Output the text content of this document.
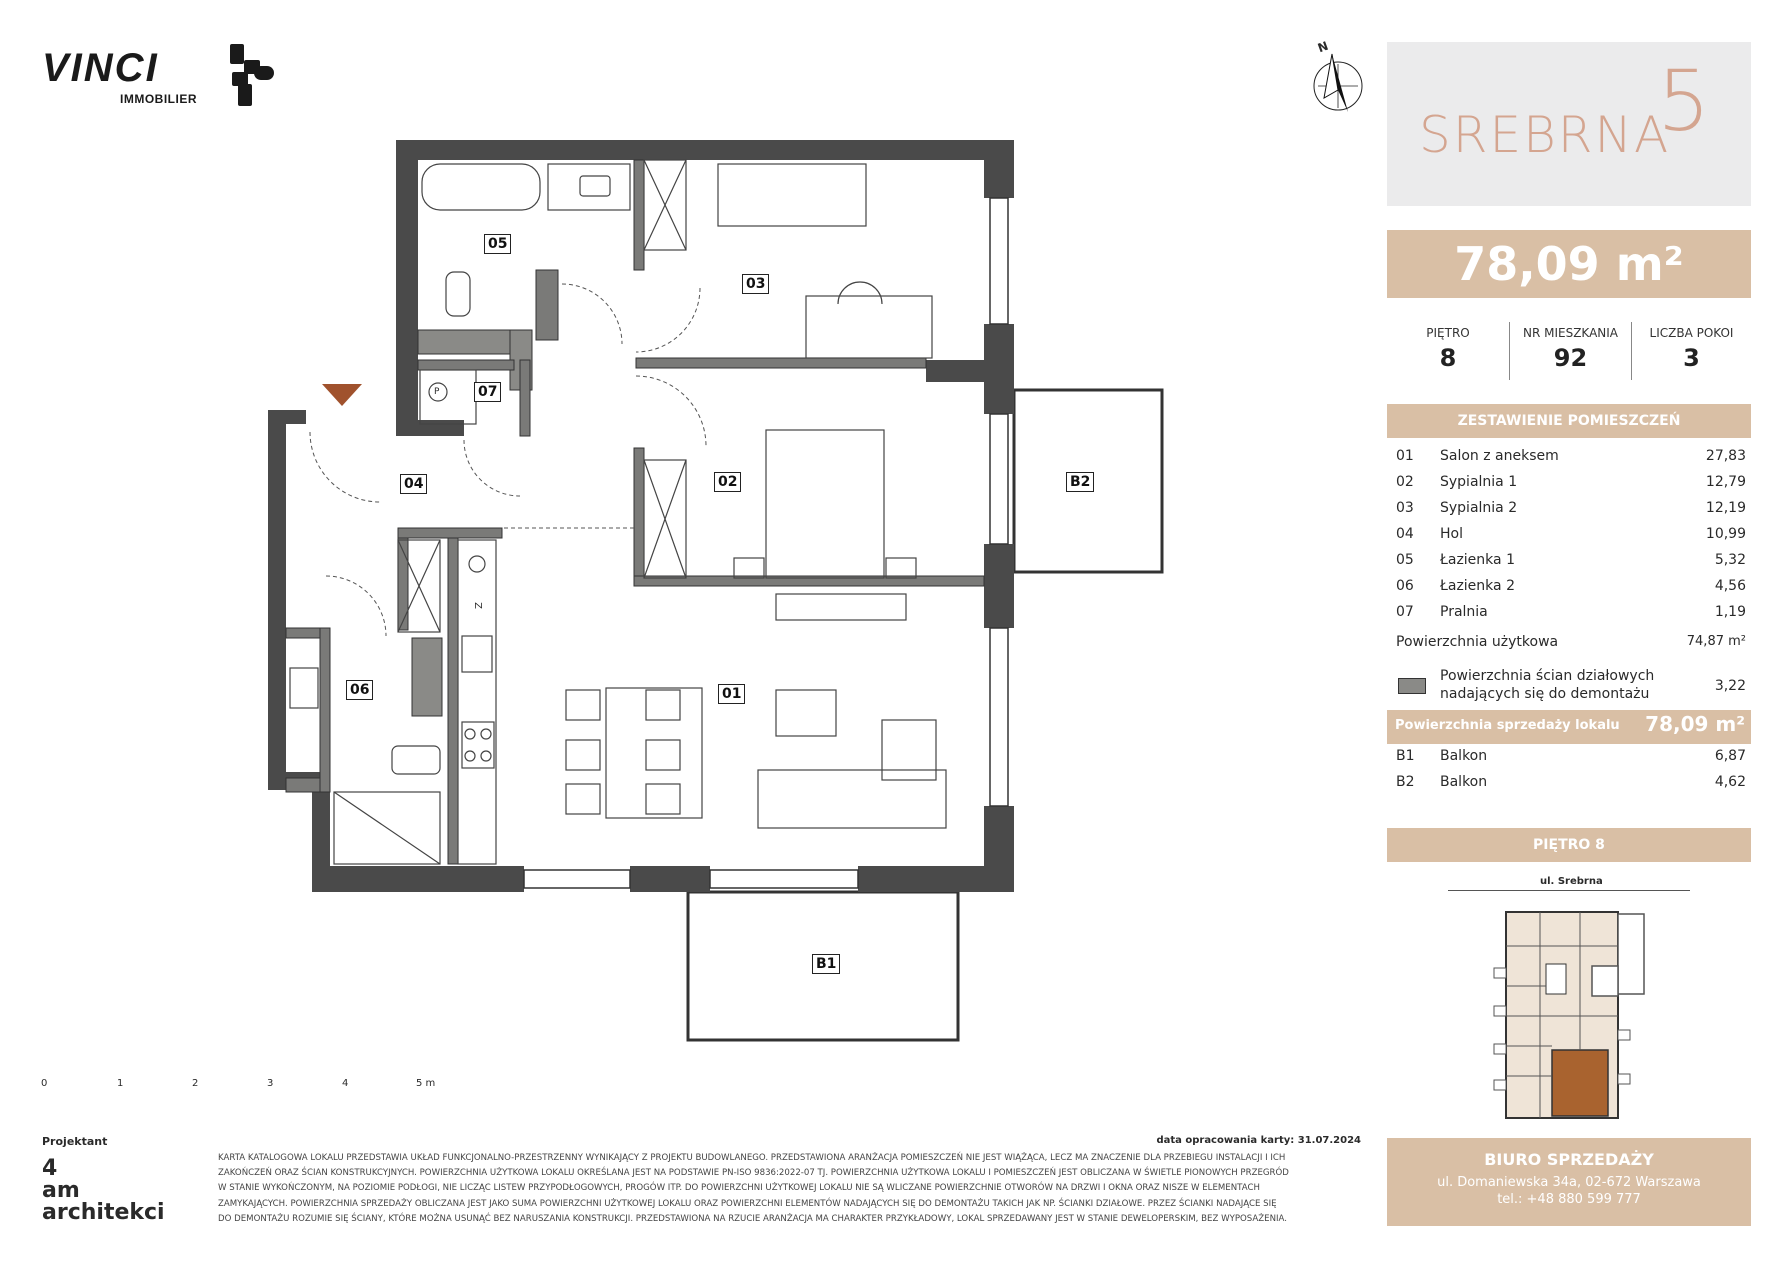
VINCI
IMMOBILIER
N
SREBRNA
5
78,09 m²
PIĘTRO
8
NR MIESZKANIA
92
LICZBA POKOI
3
ZESTAWIENIE POMIESZCZEŃ
01 Salon z aneksem	27,83
02 Sypialnia 1	12,79
03 Sypialnia 2	12,19
04 Hol	10,99
05 Łazienka 1	5,32
06 Łazienka 2	4,56
07 Pralnia	1,19
Powierzchnia użytkowa	74,87 m²
Powierzchnia ścian działowych
nadających się do demontażu	3,22
Powierzchnia sprzedaży lokalu 78,09 m²
B1 Balkon	6,87
B2 Balkon	4,62
PIĘTRO 8
ul. Srebrna
BIURO SPRZEDAŻY
ul. Domaniewska 34a, 02-672 Warszawa
tel.: +48 880 599 777
01
02
03
04
05
06
07
B1
B2
Z
P
0	1	2	3	4	5 m
Projektant
4
am
architekci
data opracowania karty: 31.07.2024
KARTA KATALOGOWA LOKALU PRZEDSTAWIA UKŁAD FUNKCJONALNO-PRZESTRZENNY WYNIKAJĄCY Z PROJEKTU BUDOWLANEGO. PRZEDSTAWIONA ARANŻACJA POMIESZCZEŃ NIE JEST WIĄŻĄCA, LECZ MA ZNACZENIE DLA PRZEBIEGU INSTALACJI I ICH
ZAKOŃCZEŃ ORAZ ŚCIAN KONSTRUKCYJNYCH. POWIERZCHNIA UŻYTKOWA LOKALU OKREŚLANA JEST NA PODSTAWIE PN-ISO 9836:2022-07 TJ. POWIERZCHNIA UŻYTKOWA LOKALU I POMIESZCZEŃ JEST OBLICZANA W ŚWIETLE PIONOWYCH PRZEGRÓD
W STANIE WYKOŃCZONYM, NA POZIOMIE PODŁOGI, NIE LICZĄC LISTEW PRZYPODŁOGOWYCH, PROGÓW ITP. DO POWIERZCHNI UŻYTKOWEJ LOKALU NIE SĄ WLICZANE POWIERZCHNIE OTWORÓW NA DRZWI I OKNA ORAZ NISZE W ELEMENTACH
ZAMYKAJĄCYCH. POWIERZCHNIA SPRZEDAŻY OBLICZANA JEST JAKO SUMA POWIERZCHNI UŻYTKOWEJ LOKALU ORAZ POWIERZCHNI ELEMENTÓW NADAJĄCYCH SIĘ DO DEMONTAŻU TAKICH JAK NP. ŚCIANKI DZIAŁOWE. PRZEZ ŚCIANKI NADAJĄCE SIĘ
DO DEMONTAŻU ROZUMIE SIĘ ŚCIANY, KTÓRE MOŻNA USUNĄĆ BEZ NARUSZANIA KONSTRUKCJI. PRZEDSTAWIONA NA RZUCIE ARANŻACJA MA CHARAKTER PRZYKŁADOWY, LOKAL SPRZEDAWANY JEST W STANIE DEWELOPERSKIM, BEZ WYPOSAŻENIA.
